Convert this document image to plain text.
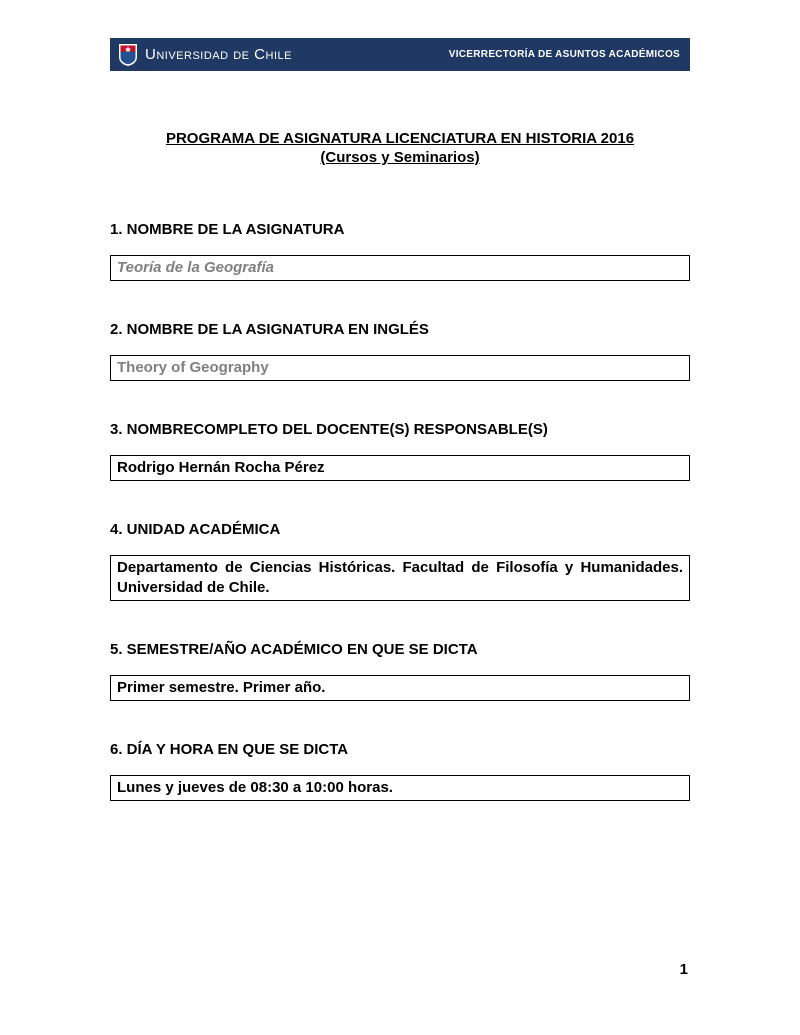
Universidad de Chile	VICERRECTORÍA DE ASUNTOS ACADÉMICOS
PROGRAMA DE ASIGNATURA LICENCIATURA EN HISTORIA 2016
(Cursos y Seminarios)
1. NOMBRE DE LA ASIGNATURA
Teoría de la Geografía
2. NOMBRE DE LA ASIGNATURA EN INGLÉS
Theory of Geography
3. NOMBRECOMPLETO DEL DOCENTE(S) RESPONSABLE(S)
Rodrigo Hernán Rocha Pérez
4. UNIDAD ACADÉMICA
Departamento de Ciencias Históricas. Facultad de Filosofía y Humanidades. Universidad de Chile.
5. SEMESTRE/AÑO ACADÉMICO EN QUE SE DICTA
Primer semestre. Primer año.
6. DÍA Y HORA EN QUE SE DICTA
Lunes y jueves de 08:30 a 10:00 horas.
1
